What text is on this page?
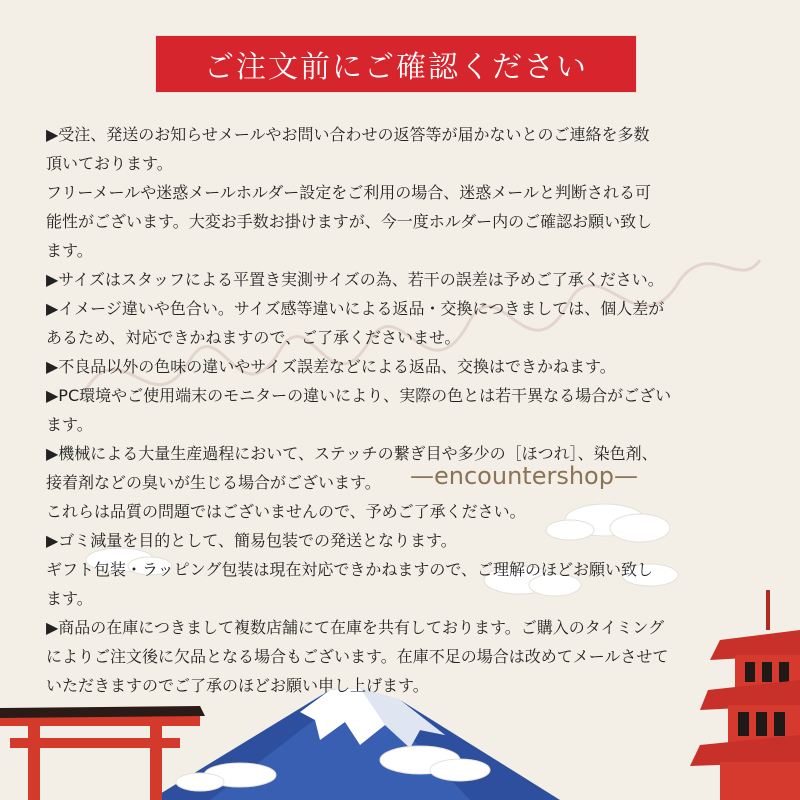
ご注文前にご確認ください
▶受注、発送のお知らせメールやお問い合わせの返答等が届かないとのご連絡を多数
頂いております。
フリーメールや迷惑メールホルダー設定をご利用の場合、迷惑メールと判断される可
能性がございます。大変お手数お掛けますが、今一度ホルダー内のご確認お願い致し
ます。
▶サイズはスタッフによる平置き実測サイズの為、若干の誤差は予めご了承ください。
▶イメージ違いや色合い。サイズ感等違いによる返品・交換につきましては、個人差が
あるため、対応できかねますので、ご了承くださいませ。
▶不良品以外の色味の違いやサイズ誤差などによる返品、交換はできかねます。
▶PC環境やご使用端末のモニターの違いにより、実際の色とは若干異なる場合がござい
ます。
▶機械による大量生産過程において、ステッチの繋ぎ目や多少の［ほつれ］、染色剤、
接着剤などの臭いが生じる場合がございます。
これらは品質の問題ではございませんので、予めご了承ください。
▶ゴミ減量を目的として、簡易包装での発送となります。
ギフト包装・ラッピング包装は現在対応できかねますので、ご理解のほどお願い致し
ます。
▶商品の在庫につきまして複数店舗にて在庫を共有しております。ご購入のタイミング
によりご注文後に欠品となる場合もございます。在庫不足の場合は改めてメールさせて
いただきますのでご了承のほどお願い申し上げます。
—encountershop—
